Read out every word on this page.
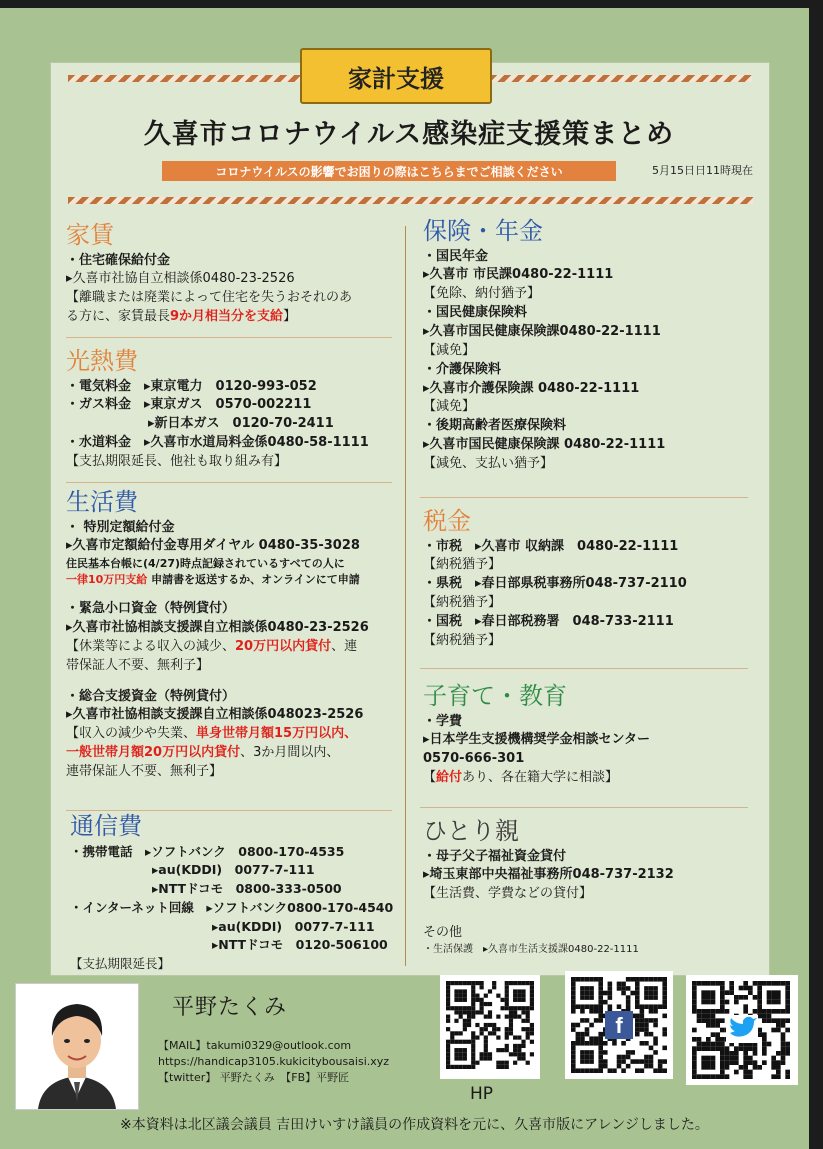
家計支援
久喜市コロナウイルス感染症支援策まとめ
コロナウイルスの影響でお困りの際はこちらまでご相談ください	5月15日日11時現在
家賃
・住宅確保給付金
▸久喜市社協自立相談係0480-23-2526
【離職または廃業によって住宅を失うおそれのあ
る方に、家賃最長9か月相当分を支給】
光熱費
・電気料金　▸東京電力　0120-993-052
・ガス料金　▸東京ガス　0570-002211
▸新日本ガス　0120-70-2411
・水道料金　▸久喜市水道局料金係0480-58-1111
【支払期限延長、他社も取り組み有】
生活費
・ 特別定額給付金
▸久喜市定額給付金専用ダイヤル 0480-35-3028
住民基本台帳に(4/27)時点記録されているすべての人に
一律10万円支給 申請書を返送するか、オンラインにて申請
・緊急小口資金（特例貸付）
▸久喜市社協相談支援課自立相談係0480-23-2526
【休業等による収入の減少、20万円以内貸付、連
帯保証人不要、無利子】
・総合支援資金（特例貸付）
▸久喜市社協相談支援課自立相談係048023-2526
【収入の減少や失業、単身世帯月額15万円以内、
一般世帯月額20万円以内貸付、3か月間以内、
連帯保証人不要、無利子】
通信費
・携帯電話　▸ソフトバンク　0800-170-4535
▸au(KDDI)　0077-7-111
▸NTTドコモ　0800-333-0500
・インターネット回線　▸ソフトバンク0800-170-4540
▸au(KDDI)　0077-7-111
▸NTTドコモ　0120-506100
【支払期限延長】
保険・年金
・国民年金
▸久喜市 市民課0480-22-1111
【免除、納付猶予】
・国民健康保険料
▸久喜市国民健康保険課0480-22-1111
【減免】
・介護保険料
▸久喜市介護保険課 0480-22-1111
【減免】
・後期高齢者医療保険料
▸久喜市国民健康保険課 0480-22-1111
【減免、支払い猶予】
税金
・市税　▸久喜市 収納課　0480-22-1111
【納税猶予】
・県税　▸春日部県税事務所048-737-2110
【納税猶予】
・国税　▸春日部税務署　048-733-2111
【納税猶予】
子育て・教育
・学費
▸日本学生支援機構奨学金相談センター
0570-666-301
【給付あり、各在籍大学に相談】
ひとり親
・母子父子福祉資金貸付
▸埼玉東部中央福祉事務所048-737-2132
【生活費、学費などの貸付】
その他
・生活保護　▸久喜市生活支援課0480-22-1111
平野たくみ
【MAIL】takumi0329@outlook.com
https://handicap3105.kukicitybousaisi.xyz
【twitter】 平野たくみ　【FB】平野匠
f
HP
※本資料は北区議会議員 吉田けいすけ議員の作成資料を元に、久喜市版にアレンジしました。
